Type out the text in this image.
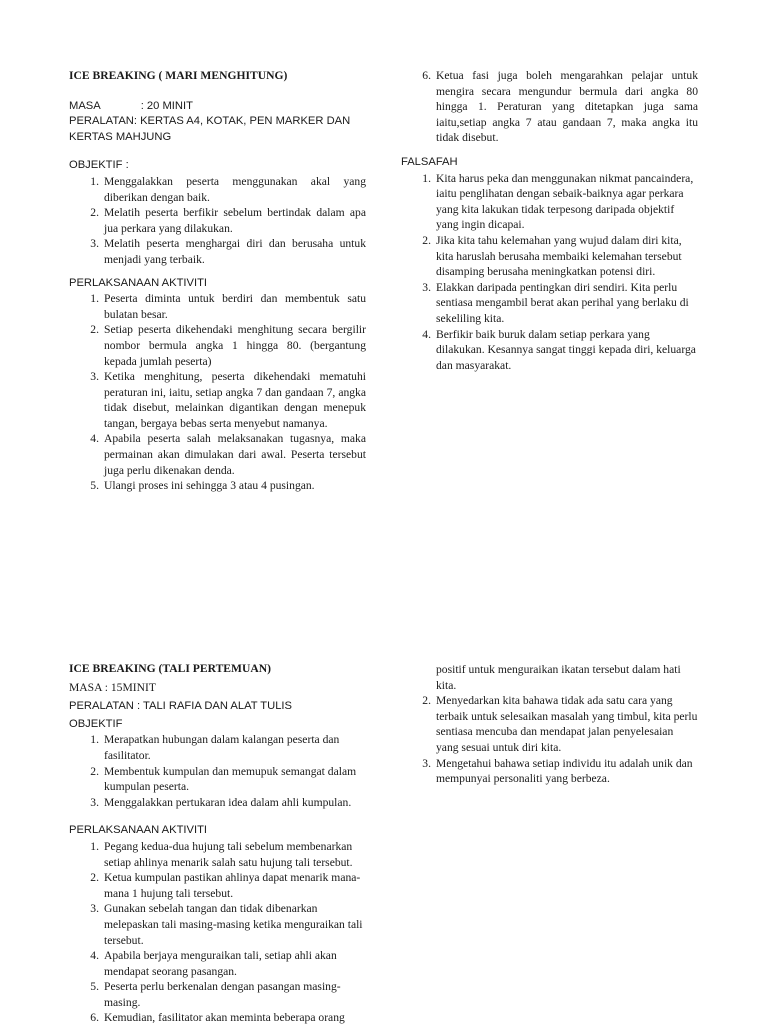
ICE BREAKING ( MARI MENGHITUNG)

MASA	: 20 MINIT

PERALATAN: KERTAS A4, KOTAK, PEN MARKER DAN

KERTAS MAHJUNG

OBJEKTIF :

1. Menggalakkan peserta menggunakan akal yang diberikan dengan baik.
2. Melatih peserta berfikir sebelum bertindak dalam apa jua perkara yang dilakukan.
3. Melatih peserta menghargai diri dan berusaha untuk menjadi yang terbaik.

PERLAKSANAAN AKTIVITI

1. Peserta diminta untuk berdiri dan membentuk satu bulatan besar.
2. Setiap peserta dikehendaki menghitung secara bergilir nombor bermula angka 1 hingga 80. (bergantung kepada jumlah peserta)
3. Ketika menghitung, peserta dikehendaki mematuhi peraturan ini, iaitu, setiap angka 7 dan gandaan 7, angka tidak disebut, melainkan digantikan dengan menepuk tangan, bergaya bebas serta menyebut namanya.
4. Apabila peserta salah melaksanakan tugasnya, maka permainan akan dimulakan dari awal. Peserta tersebut juga perlu dikenakan denda.
5. Ulangi proses ini sehingga 3 atau 4 pusingan.
6. Ketua fasi juga boleh mengarahkan pelajar untuk mengira secara mengundur bermula dari angka 80 hingga 1. Peraturan yang ditetapkan juga sama iaitu,setiap angka 7 atau gandaan 7, maka angka itu tidak disebut.

FALSAFAH

1. Kita harus peka dan menggunakan nikmat pancaindera, iaitu penglihatan dengan sebaik-baiknya agar perkara yang kita lakukan tidak terpesong daripada objektif yang ingin dicapai.
2. Jika kita tahu kelemahan yang wujud dalam diri kita, kita haruslah berusaha membaiki kelemahan tersebut disamping berusaha meningkatkan potensi diri.
3. Elakkan daripada pentingkan diri sendiri. Kita perlu sentiasa mengambil berat akan perihal yang berlaku di sekeliling kita.
4. Berfikir baik buruk dalam setiap perkara yang dilakukan. Kesannya sangat tinggi kepada diri, keluarga dan masyarakat.

ICE BREAKING (TALI PERTEMUAN)

MASA : 15MINIT

PERALATAN : TALI RAFIA DAN ALAT TULIS

OBJEKTIF

1. Merapatkan hubungan dalam kalangan peserta dan fasilitator.
2. Membentuk kumpulan dan memupuk semangat dalam kumpulan peserta.
3. Menggalakkan pertukaran idea dalam ahli kumpulan.

PERLAKSANAAN AKTIVITI

1. Pegang kedua-dua hujung tali sebelum membenarkan setiap ahlinya menarik salah satu hujung tali tersebut.
2. Ketua kumpulan pastikan ahlinya dapat menarik mana-mana 1 hujung tali tersebut.
3. Gunakan sebelah tangan dan tidak dibenarkan melepaskan tali masing-masing ketika menguraikan tali tersebut.
4. Apabila berjaya menguraikan tali, setiap ahli akan mendapat seorang pasangan.
5. Peserta perlu berkenalan dengan pasangan masing-masing.
6. Kemudian, fasilitator akan meminta beberapa orang
positif untuk menguraikan ikatan tersebut dalam hati kita.
2. Menyedarkan kita bahawa tidak ada satu cara yang terbaik untuk selesaikan masalah yang timbul, kita perlu sentiasa mencuba dan mendapat jalan penyelesaian yang sesuai untuk diri kita.
3. Mengetahui bahawa setiap individu itu adalah unik dan mempunyai personaliti yang berbeza.
